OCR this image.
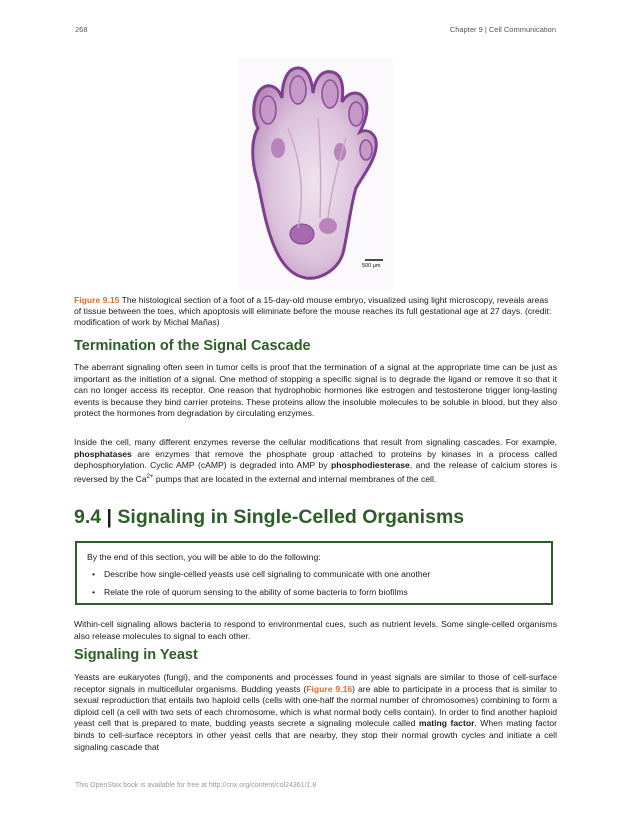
268	Chapter 9 | Cell Communication
500 µm

Figure 9.15 The histological section of a foot of a 15-day-old mouse embryo, visualized using light microscopy, reveals areas of tissue between the toes, which apoptosis will eliminate before the mouse reaches its full gestational age at 27 days. (credit: modification of work by Michal Mañas)

Termination of the Signal Cascade

The aberrant signaling often seen in tumor cells is proof that the termination of a signal at the appropriate time can be just as important as the initiation of a signal. One method of stopping a specific signal is to degrade the ligand or remove it so that it can no longer access its receptor. One reason that hydrophobic hormones like estrogen and testosterone trigger long-lasting events is because they bind carrier proteins. These proteins allow the insoluble molecules to be soluble in blood, but they also protect the hormones from degradation by circulating enzymes.

Inside the cell, many different enzymes reverse the cellular modifications that result from signaling cascades. For example, phosphatases are enzymes that remove the phosphate group attached to proteins by kinases in a process called dephosphorylation. Cyclic AMP (cAMP) is degraded into AMP by phosphodiesterase, and the release of calcium stores is reversed by the $Ca^{2+}$ pumps that are located in the external and internal membranes of the cell.

9.4 | Signaling in Single-Celled Organisms
By the end of this section, you will be able to do the following:
• Describe how single-celled yeasts use cell signaling to communicate with one another
• Relate the role of quorum sensing to the ability of some bacteria to form biofilms

Within-cell signaling allows bacteria to respond to environmental cues, such as nutrient levels. Some single-celled organisms also release molecules to signal to each other.

Signaling in Yeast

Yeasts are eukaryotes (fungi), and the components and processes found in yeast signals are similar to those of cell-surface receptor signals in multicellular organisms. Budding yeasts (Figure 9.16) are able to participate in a process that is similar to sexual reproduction that entails two haploid cells (cells with one-half the normal number of chromosomes) combining to form a diploid cell (a cell with two sets of each chromosome, which is what normal body cells contain). In order to find another haploid yeast cell that is prepared to mate, budding yeasts secrete a signaling molecule called mating factor. When mating factor binds to cell-surface receptors in other yeast cells that are nearby, they stop their normal growth cycles and initiate a cell signaling cascade that

This OpenStax book is available for free at http://cnx.org/content/col24361/1.8
